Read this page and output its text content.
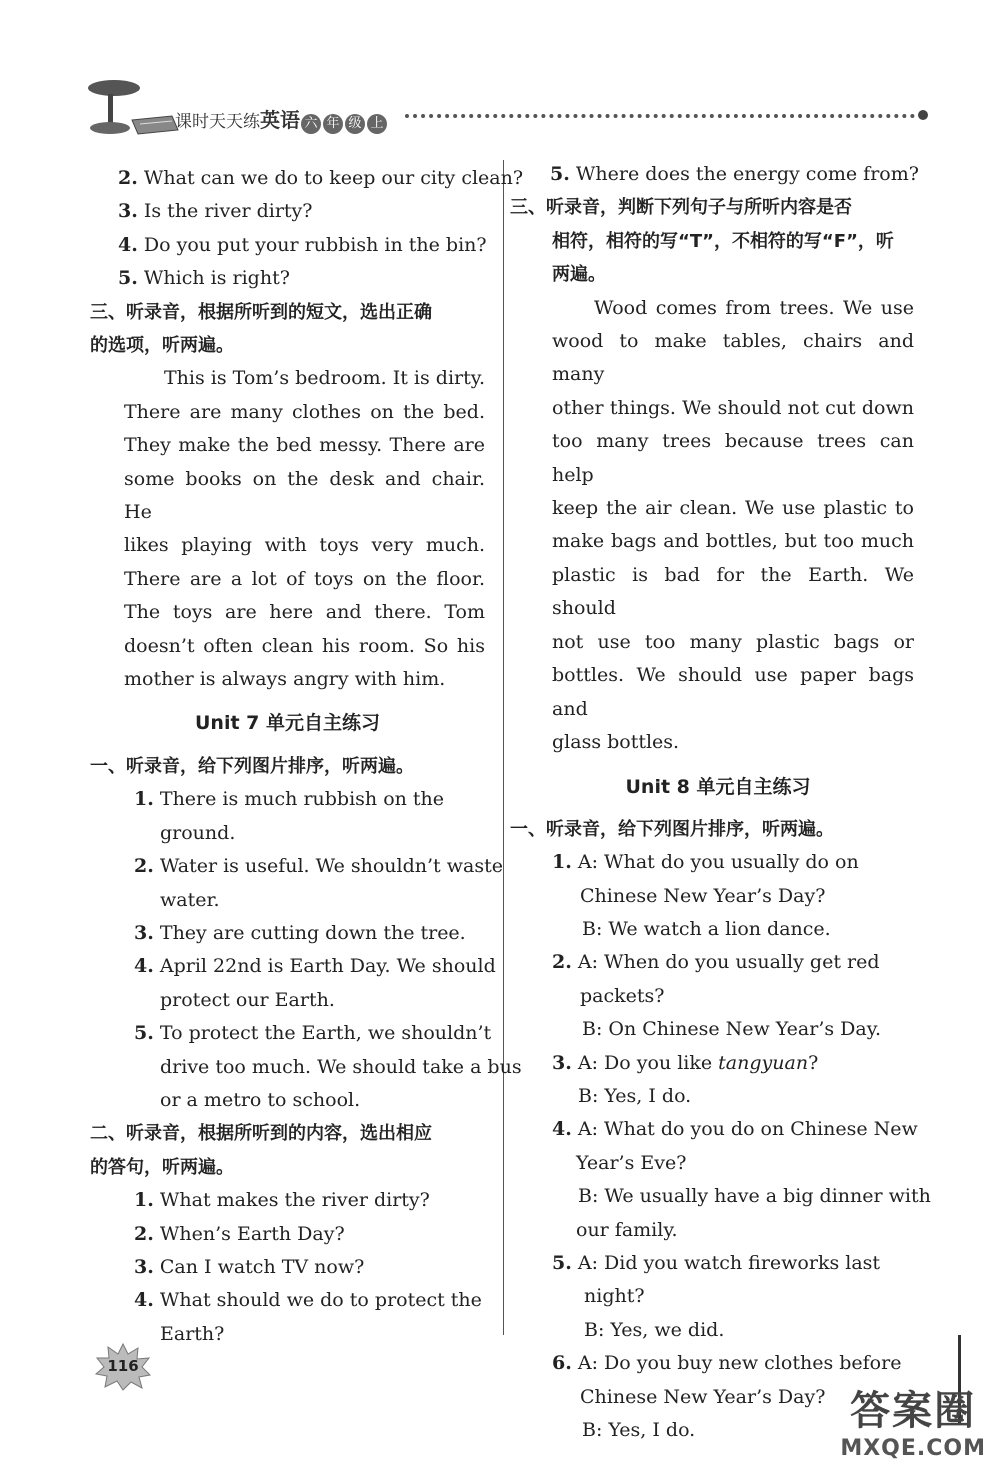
课时天天练英语 六 年 级 上
2. What can we do to keep our city clean?
3. Is the river dirty?
4. Do you put your rubbish in the bin?
5. Which is right?
三、听录音，根据所听到的短文，选出正确
的选项，听两遍。
This is Tom’s bedroom. It is dirty.
There are many clothes on the bed.
They make the bed messy. There are
some books on the desk and chair. He
likes playing with toys very much.
There are a lot of toys on the floor.
The toys are here and there. Tom
doesn’t often clean his room. So his
mother is always angry with him.
Unit 7 单元自主练习
一、听录音，给下列图片排序，听两遍。
1. There is much rubbish on the
ground.
2. Water is useful. We shouldn’t waste
water.
3. They are cutting down the tree.
4. April 22nd is Earth Day. We should
protect our Earth.
5. To protect the Earth, we shouldn’t
drive too much. We should take a bus
or a metro to school.
二、听录音，根据所听到的内容，选出相应
的答句，听两遍。
1. What makes the river dirty?
2. When’s Earth Day?
3. Can I watch TV now?
4. What should we do to protect the
Earth?
5. Where does the energy come from?
三、听录音，判断下列句子与所听内容是否
相符，相符的写“T”，不相符的写“F”，听
两遍。
Wood comes from trees. We use
wood to make tables, chairs and many
other things. We should not cut down
too many trees because trees can help
keep the air clean. We use plastic to
make bags and bottles, but too much
plastic is bad for the Earth. We should
not use too many plastic bags or
bottles. We should use paper bags and
glass bottles.
Unit 8 单元自主练习
一、听录音，给下列图片排序，听两遍。
1. A: What do you usually do on
Chinese New Year’s Day?
B: We watch a lion dance.
2. A: When do you usually get red
packets?
B: On Chinese New Year’s Day.
3. A: Do you like tangyuan?
B: Yes, I do.
4. A: What do you do on Chinese New
Year’s Eve?
B: We usually have a big dinner with
our family.
5. A: Did you watch fireworks last
night?
B: Yes, we did.
6. A: Do you buy new clothes before
Chinese New Year’s Day?
B: Yes, I do.
116
答案圈
MXQE.COM
